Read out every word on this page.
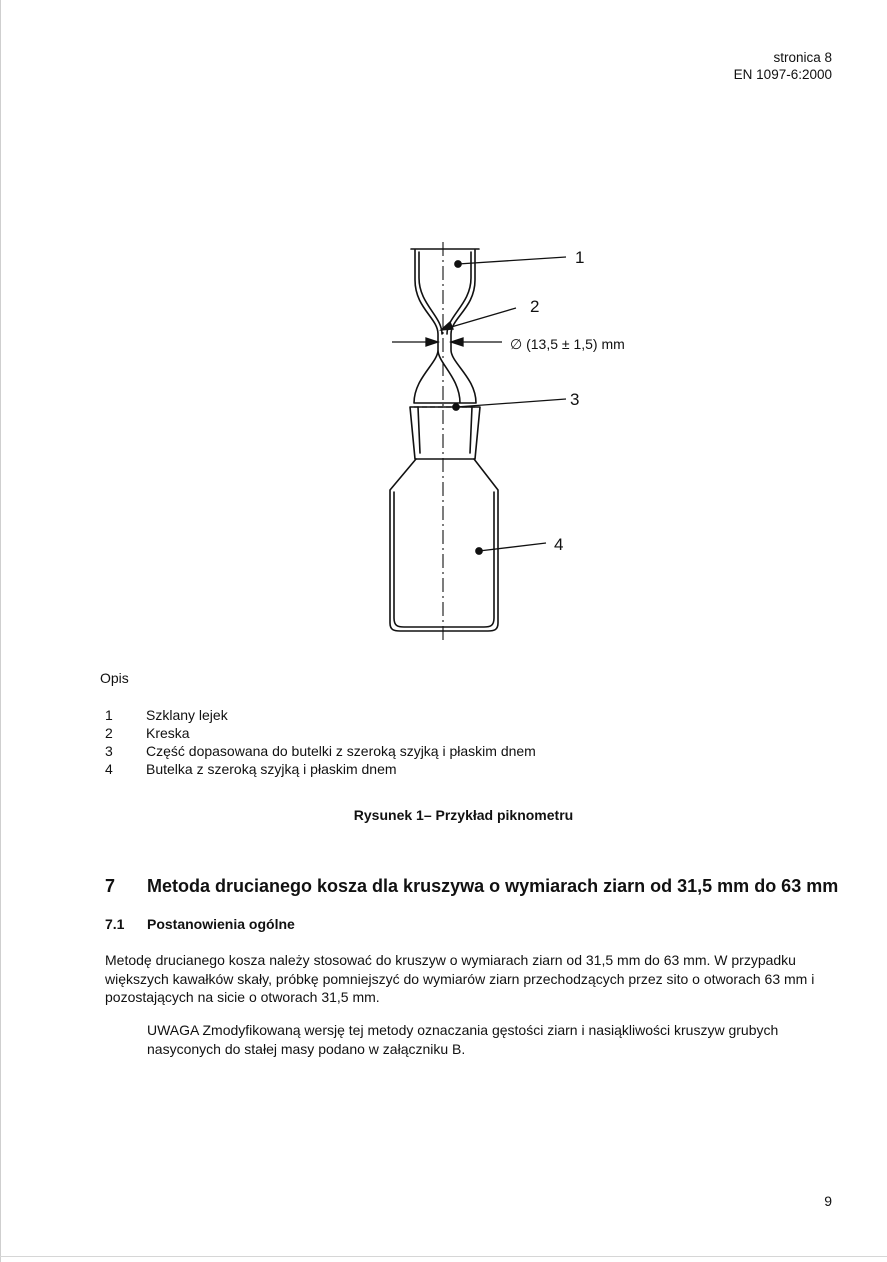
stronica 8
EN 1097-6:2000
1
2
3
4
∅ (13,5 ± 1,5) mm
Opis
1	Szklany lejek
2	Kreska
3	Część dopasowana do butelki z szeroką szyjką i płaskim dnem
4	Butelka z szeroką szyjką i płaskim dnem
Rysunek 1– Przykład piknometru
7	Metoda drucianego kosza dla kruszywa o wymiarach ziarn od 31,5 mm do 63 mm
7.1	Postanowienia ogólne
Metodę drucianego kosza należy stosować do kruszyw o wymiarach ziarn od 31,5 mm do 63 mm. W przypadku większych kawałków skały, próbkę pomniejszyć do wymiarów ziarn przechodzących przez sito o otworach 63 mm i pozostających na sicie o otworach 31,5 mm.
UWAGA Zmodyfikowaną wersję tej metody oznaczania gęstości ziarn i nasiąkliwości kruszyw grubych nasyconych do stałej masy podano w załączniku B.
9
